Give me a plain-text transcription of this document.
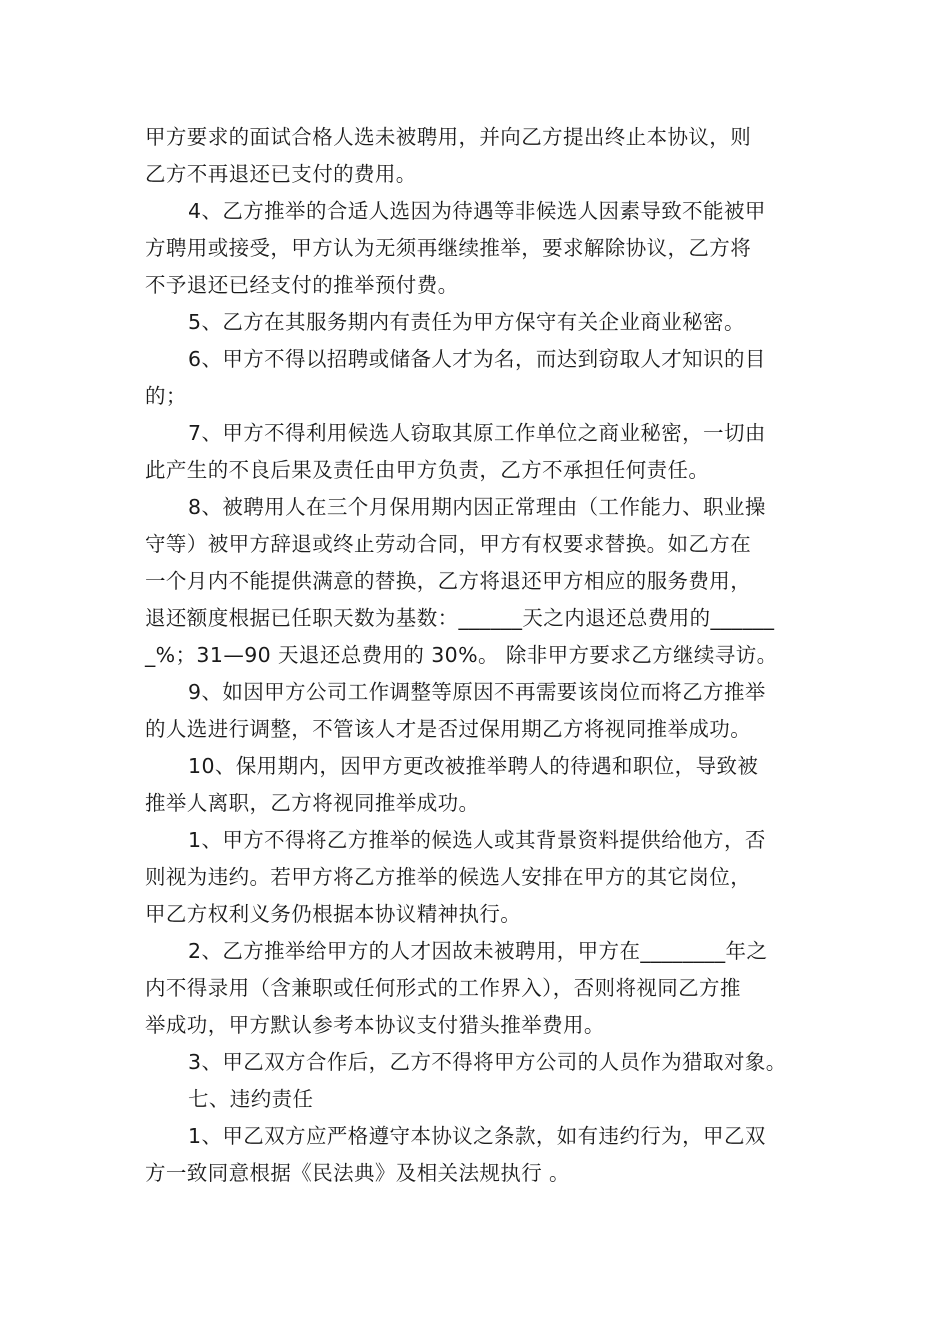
甲方要求的面试合格人选未被聘用，并向乙方提出终止本协议，则
乙方不再退还已支付的费用。
4、乙方推举的合适人选因为待遇等非候选人因素导致不能被甲
方聘用或接受，甲方认为无须再继续推举，要求解除协议，乙方将
不予退还已经支付的推举预付费。
5、乙方在其服务期内有责任为甲方保守有关企业商业秘密。
6、甲方不得以招聘或储备人才为名，而达到窃取人才知识的目
的；
7、甲方不得利用候选人窃取其原工作单位之商业秘密，一切由
此产生的不良后果及责任由甲方负责，乙方不承担任何责任。
8、被聘用人在三个月保用期内因正常理由（工作能力、职业操
守等）被甲方辞退或终止劳动合同，甲方有权要求替换。如乙方在
一个月内不能提供满意的替换，乙方将退还甲方相应的服务费用，
退还额度根据已任职天数为基数：______天之内退还总费用的______
_%；31—90 天退还总费用的 30%。 除非甲方要求乙方继续寻访。
9、如因甲方公司工作调整等原因不再需要该岗位而将乙方推举
的人选进行调整，不管该人才是否过保用期乙方将视同推举成功。
10、保用期内，因甲方更改被推举聘人的待遇和职位，导致被
推举人离职，乙方将视同推举成功。
1、甲方不得将乙方推举的候选人或其背景资料提供给他方，否
则视为违约。若甲方将乙方推举的候选人安排在甲方的其它岗位，
甲乙方权利义务仍根据本协议精神执行。
2、乙方推举给甲方的人才因故未被聘用，甲方在________年之
内不得录用（含兼职或任何形式的工作界入），否则将视同乙方推
举成功，甲方默认参考本协议支付猎头推举费用。
3、甲乙双方合作后，乙方不得将甲方公司的人员作为猎取对象。
七、违约责任
1、甲乙双方应严格遵守本协议之条款，如有违约行为，甲乙双
方一致同意根据《民法典》及相关法规执行 。
